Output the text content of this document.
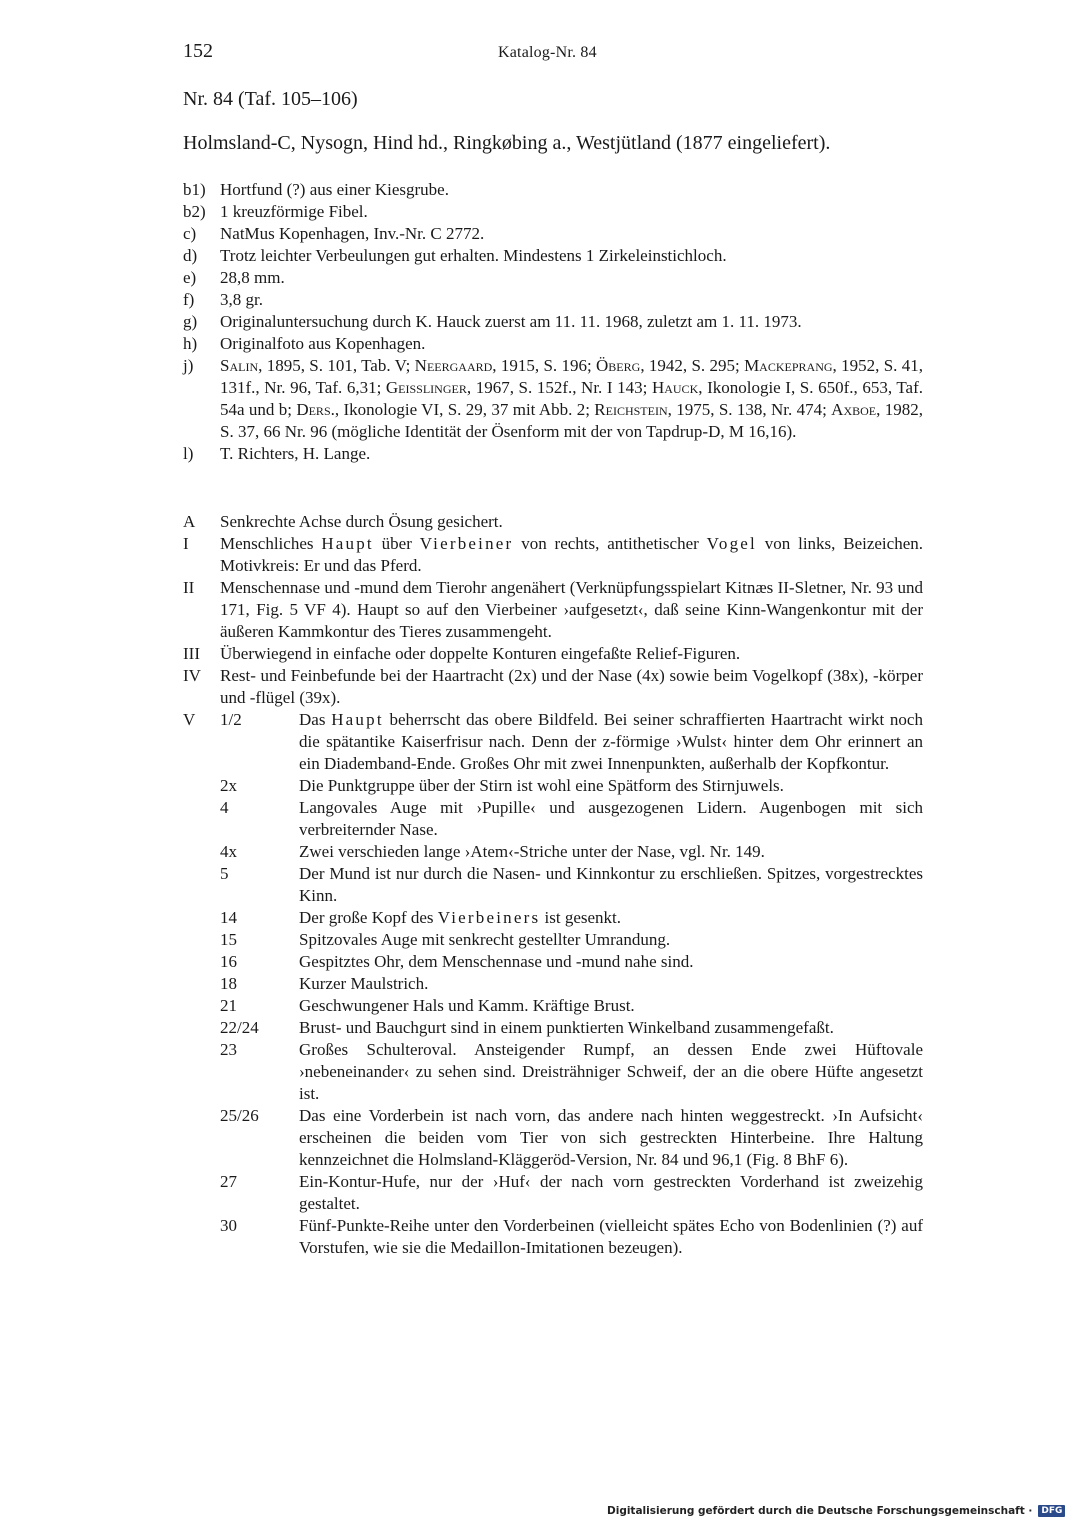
152	Katalog-Nr. 84
Nr. 84 (Taf. 105–106)
Holmsland-C, Nysogn, Hind hd., Ringkøbing a., Westjütland (1877 eingeliefert).
b1) Hortfund (?) aus einer Kiesgrube.
b2) 1 kreuzförmige Fibel.
c)	NatMus Kopenhagen, Inv.-Nr. C 2772.
d)	Trotz leichter Verbeulungen gut erhalten. Mindestens 1 Zirkeleinstichloch.
e)	28,8 mm.
f)	3,8 gr.
g)	Originaluntersuchung durch K. Hauck zuerst am 11. 11. 1968, zuletzt am 1. 11. 1973.
h)	Originalfoto aus Kopenhagen.
j)	Salin, 1895, S. 101, Tab. V; Neergaard, 1915, S. 196; Öberg, 1942, S. 295; Mackeprang, 1952, S. 41, 131f., Nr. 96, Taf. 6,31; Geisslinger, 1967, S. 152f., Nr. I 143; Hauck, Ikonologie I, S. 650f., 653, Taf. 54a und b; Ders., Ikonologie VI, S. 29, 37 mit Abb. 2; Reichstein, 1975, S. 138, Nr. 474; Axboe, 1982, S. 37, 66 Nr. 96 (mögliche Identität der Ösenform mit der von Tapdrup-D, M 16,16).
l)	T. Richters, H. Lange.
A	Senkrechte Achse durch Ösung gesichert.
I	Menschliches Haupt über Vierbeiner von rechts, antithetischer Vogel von links, Beizeichen. Motivkreis: Er und das Pferd.
II	Menschennase und -mund dem Tierohr angenähert (Verknüpfungsspielart Kitnæs II-Sletner, Nr. 93 und 171, Fig. 5 VF 4). Haupt so auf den Vierbeiner ›aufgesetzt‹, daß seine Kinn-Wangenkontur mit der äußeren Kammkontur des Tieres zusammengeht.
III	Überwiegend in einfache oder doppelte Konturen eingefaßte Relief-Figuren.
IV	Rest- und Feinbefunde bei der Haartracht (2x) und der Nase (4x) sowie beim Vogelkopf (38x), -körper und -flügel (39x).
V	1/2	Das Haupt beherrscht das obere Bildfeld. Bei seiner schraffierten Haartracht wirkt noch die spätantike Kaiserfrisur nach. Denn der z-förmige ›Wulst‹ hinter dem Ohr erinnert an ein Diademband-Ende. Großes Ohr mit zwei Innenpunkten, außerhalb der Kopfkontur.
2x	Die Punktgruppe über der Stirn ist wohl eine Spätform des Stirnjuwels.
4	Langovales Auge mit ›Pupille‹ und ausgezogenen Lidern. Augenbogen mit sich verbreiternder Nase.
4x	Zwei verschieden lange ›Atem‹-Striche unter der Nase, vgl. Nr. 149.
5	Der Mund ist nur durch die Nasen- und Kinnkontur zu erschließen. Spitzes, vorgestrecktes Kinn.
14	Der große Kopf des Vierbeiners ist gesenkt.
15	Spitzovales Auge mit senkrecht gestellter Umrandung.
16	Gespitztes Ohr, dem Menschennase und -mund nahe sind.
18	Kurzer Maulstrich.
21	Geschwungener Hals und Kamm. Kräftige Brust.
22/24	Brust- und Bauchgurt sind in einem punktierten Winkelband zusammengefaßt.
23	Großes Schulteroval. Ansteigender Rumpf, an dessen Ende zwei Hüftovale ›nebeneinander‹ zu sehen sind. Dreisträhniger Schweif, der an die obere Hüfte angesetzt ist.
25/26	Das eine Vorderbein ist nach vorn, das andere nach hinten weggestreckt. ›In Aufsicht‹ erscheinen die beiden vom Tier von sich gestreckten Hinterbeine. Ihre Haltung kennzeichnet die Holmsland-Kläggeröd-Version, Nr. 84 und 96,1 (Fig. 8 BhF 6).
27	Ein-Kontur-Hufe, nur der ›Huf‹ der nach vorn gestreckten Vorderhand ist zweizehig gestaltet.
30	Fünf-Punkte-Reihe unter den Vorderbeinen (vielleicht spätes Echo von Bodenlinien (?) auf Vorstufen, wie sie die Medaillon-Imitationen bezeugen).
Digitalisierung gefördert durch die Deutsche Forschungsgemeinschaft ·	DFG
